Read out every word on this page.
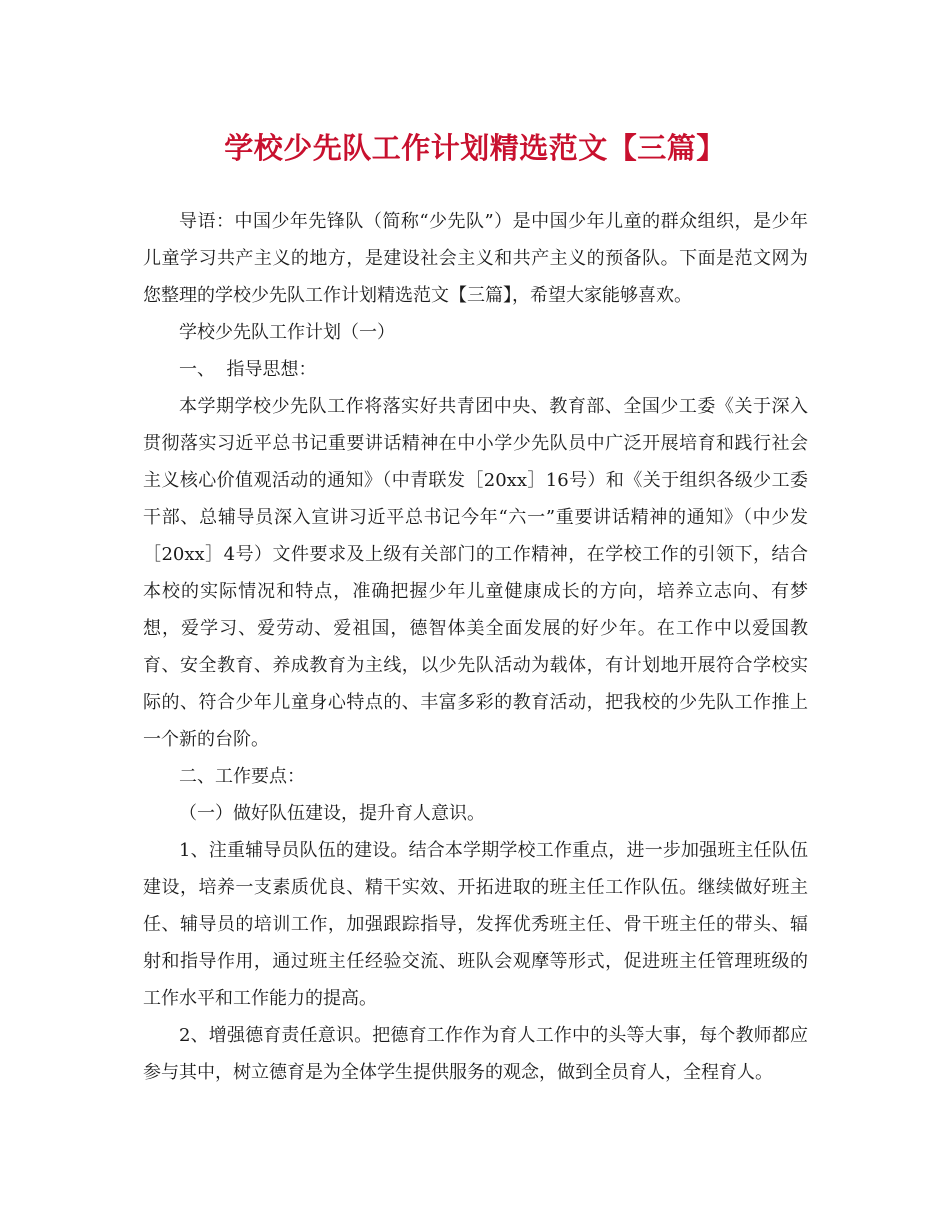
学校少先队工作计划精选范文【三篇】

导语：中国少年先锋队（简称“少先队”）是中国少年儿童的群众组织，是少年儿童学习共产主义的地方，是建设社会主义和共产主义的预备队。下面是范文网为您整理的学校少先队工作计划精选范文【三篇】，希望大家能够喜欢。

学校少先队工作计划（一）

一、  指导思想：

本学期学校少先队工作将落实好共青团中央、教育部、全国少工委《关于深入贯彻落实习近平总书记重要讲话精神在中小学少先队员中广泛开展培育和践行社会主义核心价值观活动的通知》（中青联发［20xx］16号）和《关于组织各级少工委干部、总辅导员深入宣讲习近平总书记今年“六一”重要讲话精神的通知》（中少发［20xx］4号）文件要求及上级有关部门的工作精神，在学校工作的引领下，结合本校的实际情况和特点，准确把握少年儿童健康成长的方向，培养立志向、有梦想，爱学习、爱劳动、爱祖国，德智体美全面发展的好少年。在工作中以爱国教育、安全教育、养成教育为主线，以少先队活动为载体，有计划地开展符合学校实际的、符合少年儿童身心特点的、丰富多彩的教育活动，把我校的少先队工作推上一个新的台阶。

二、工作要点：

（一）做好队伍建设，提升育人意识。

1、注重辅导员队伍的建设。结合本学期学校工作重点，进一步加强班主任队伍建设，培养一支素质优良、精干实效、开拓进取的班主任工作队伍。继续做好班主任、辅导员的培训工作，加强跟踪指导，发挥优秀班主任、骨干班主任的带头、辐射和指导作用，通过班主任经验交流、班队会观摩等形式，促进班主任管理班级的工作水平和工作能力的提高。

2、增强德育责任意识。把德育工作作为育人工作中的头等大事，每个教师都应参与其中，树立德育是为全体学生提供服务的观念，做到全员育人，全程育人。
